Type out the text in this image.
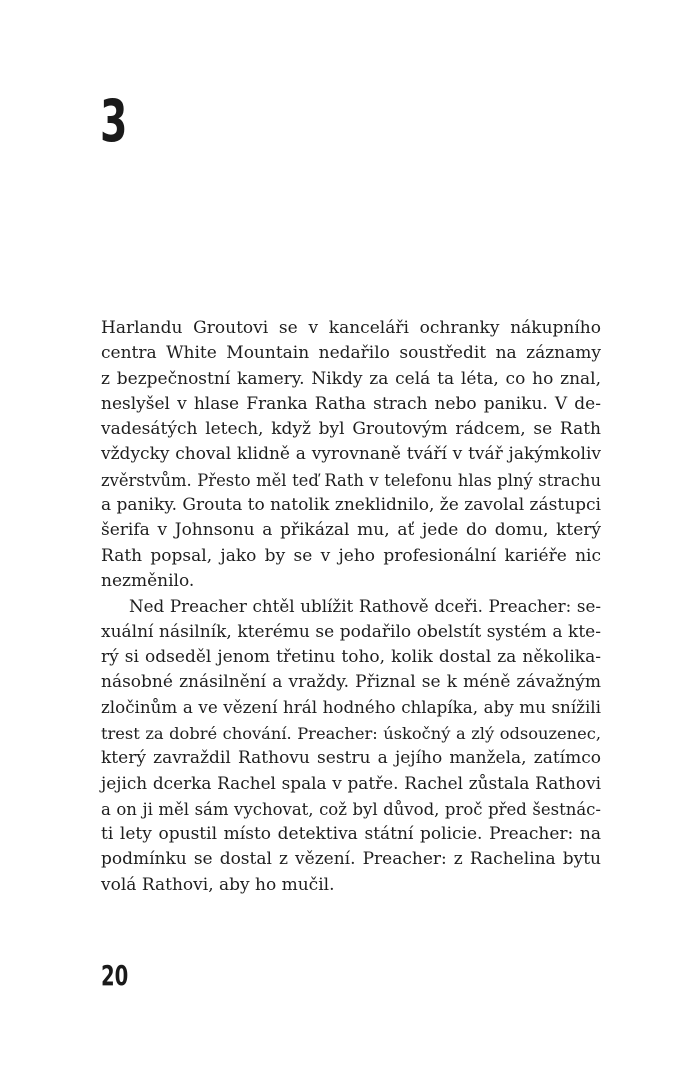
3
Harlandu Groutovi se v kanceláři ochranky nákupního
centra White Mountain nedařilo soustředit na záznamy
z bezpečnostní kamery. Nikdy za celá ta léta, co ho znal,
neslyšel v hlase Franka Ratha strach nebo paniku. V de-
vadesátých letech, když byl Groutovým rádcem, se Rath
vždycky choval klidně a vyrovnaně tváří v tvář jakýmkoliv
zvěrstvům. Přesto měl teď Rath v telefonu hlas plný strachu
a paniky. Grouta to natolik zneklidnilo, že zavolal zástupci
šerifa v Johnsonu a přikázal mu, ať jede do domu, který
Rath popsal, jako by se v jeho profesionální kariéře nic
nezměnilo.
Ned Preacher chtěl ublížit Rathově dceři. Preacher: se-
xuální násilník, kterému se podařilo obelstít systém a kte-
rý si odseděl jenom třetinu toho, kolik dostal za několika-
násobné znásilnění a vraždy. Přiznal se k méně závažným
zločinům a ve vězení hrál hodného chlapíka, aby mu snížili
trest za dobré chování. Preacher: úskočný a zlý odsouzenec,
který zavraždil Rathovu sestru a jejího manžela, zatímco
jejich dcerka Rachel spala v patře. Rachel zůstala Rathovi
a on ji měl sám vychovat, což byl důvod, proč před šestnác-
ti lety opustil místo detektiva státní policie. Preacher: na
podmínku se dostal z vězení. Preacher: z Rachelina bytu
volá Rathovi, aby ho mučil.
20
